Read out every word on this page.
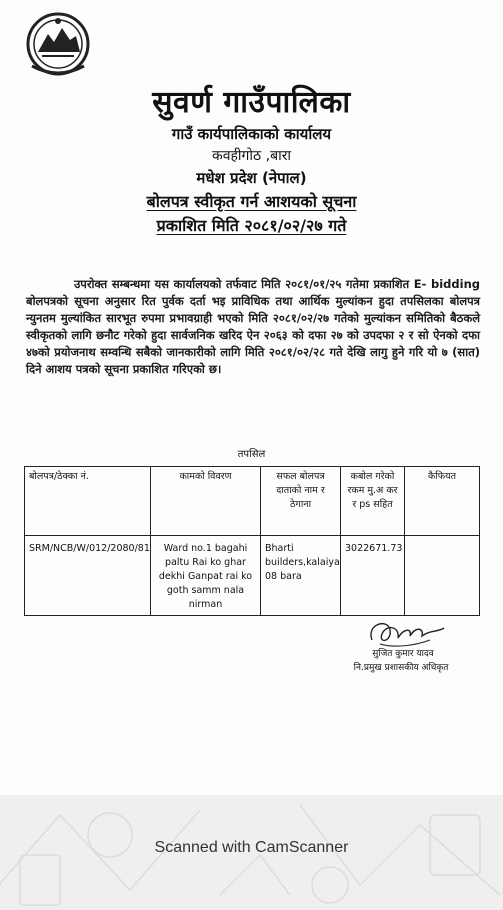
सुवर्ण गाउँपालिका
गाउँ कार्यपालिकाको कार्यालय
कवहीगोठ ,बारा
मधेश प्रदेश (नेपाल)
बोलपत्र स्वीकृत गर्न आशयको सूचना
प्रकाशित मिति २०८१/०२/२७ गते

उपरोक्त सम्बन्धमा यस कार्यालयको तर्फवाट मिति २०८१/०१/२५ गतेमा प्रकाशित E- bidding बोलपत्रको सूचना अनुसार रित पुर्वक दर्ता भइ प्राविधिक तथा आर्थिक मुल्यांकन हुदा तपसिलका बोलपत्र न्युनतम मुल्यांकित सारभूत रुपमा प्रभावग्राही भएको मिति २०८१/०२/२७ गतेको मुल्यांकन समितिको बैठकले स्वीकृतको लागि छनौट गरेको हुदा सार्वजनिक खरिद ऐन २०६३ को दफा २७ को उपदफा २ र सो ऐनको दफा ४७को प्रयोजनाथ सम्वन्धि सबैको जानकारीको लागि मिति २०८१/०२/२८ गते देखि लागु हुने गरि यो ७ (सात) दिने आशय पत्रको सूचना प्रकाशित गरिएको छ।

तपसिल
बोलपत्र/ठेक्का नं.	कामको विवरण	सफल बोलपत्र दाताको नाम र ठेगाना	कबोल गरेको रकम मु.अ कर र ps सहित	कैफियत
SRM/NCB/W/012/2080/81	Ward no.1 bagahi paltu Rai ko ghar dekhi Ganpat rai ko goth samm nala nirman	Bharti builders,kalaiya 08 bara	3022671.73	
सुजित कुमार यादव
नि.प्रमुख प्रशासकीय अधिकृत
Scanned with CamScanner
